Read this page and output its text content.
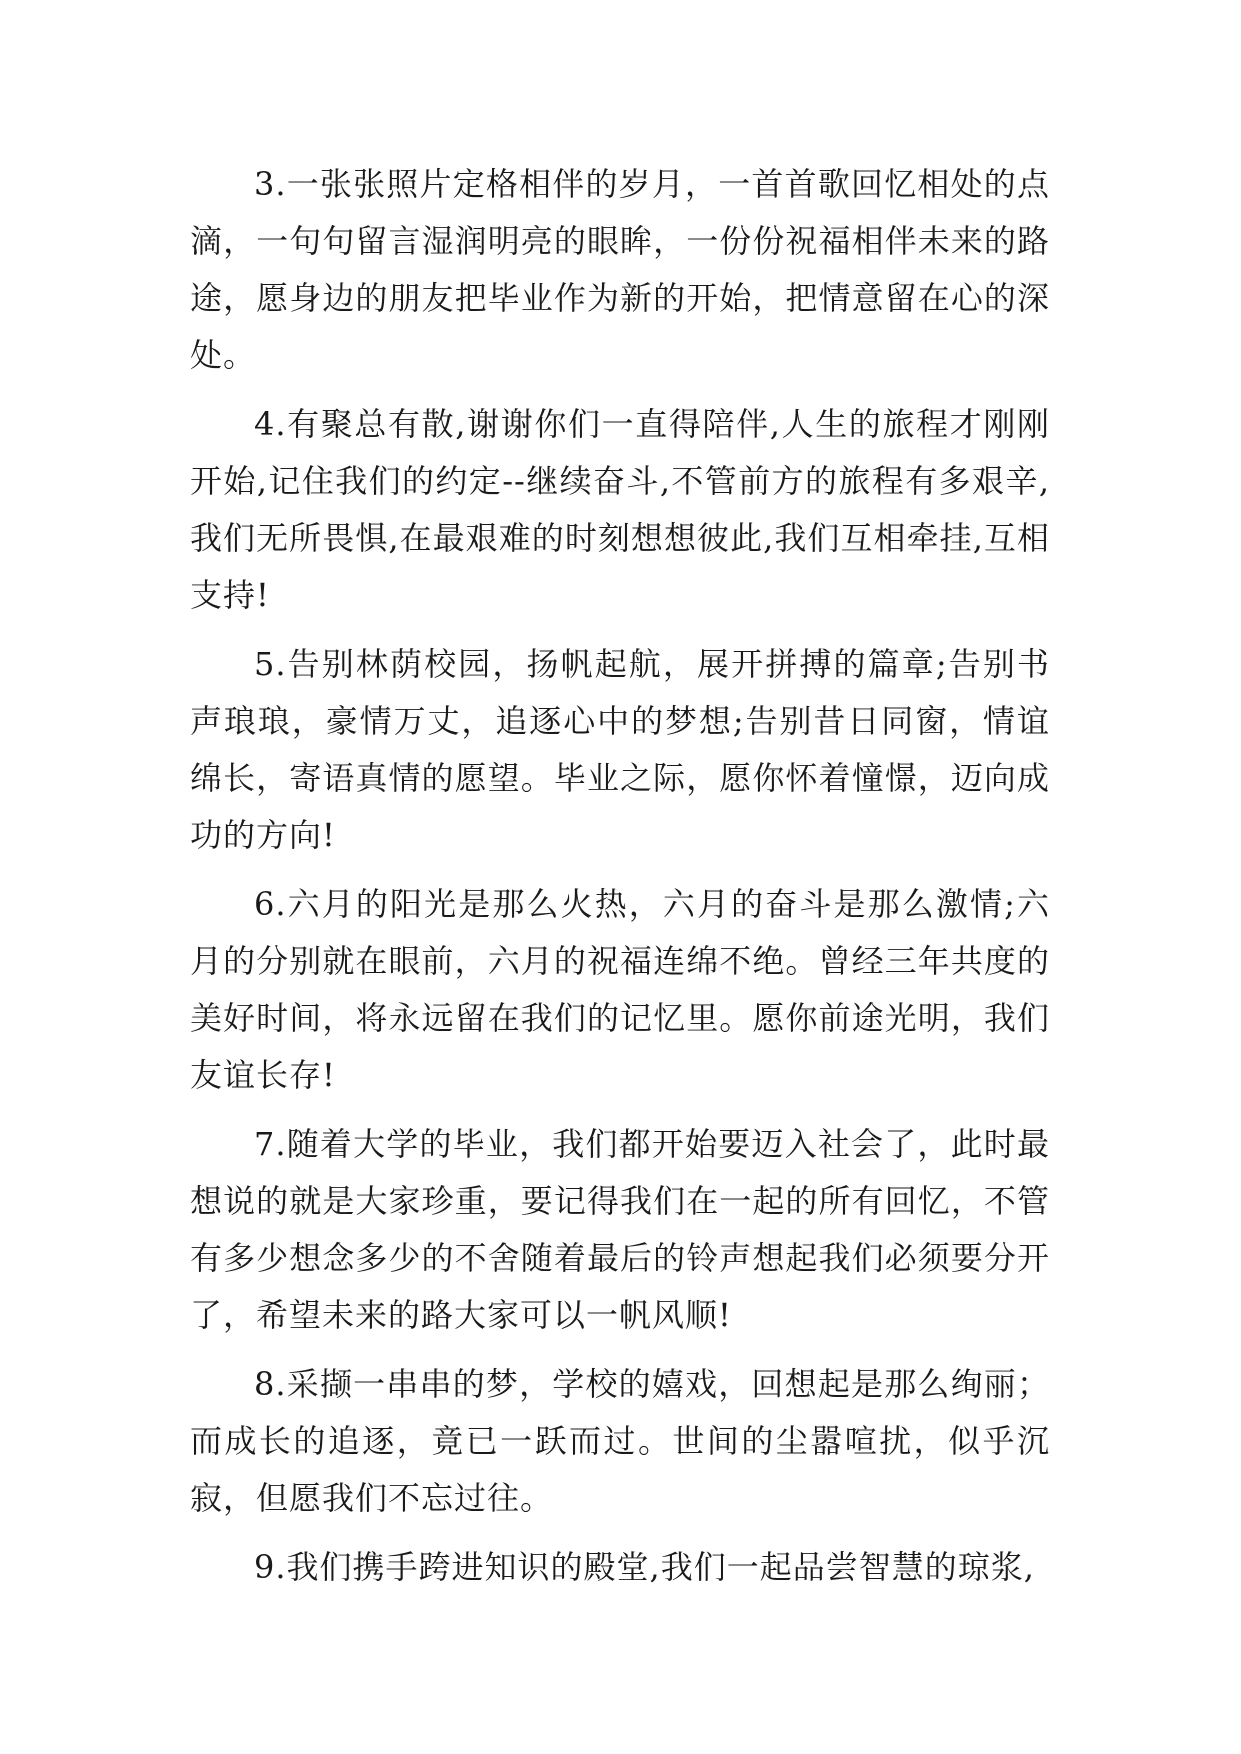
3.一张张照片定格相伴的岁月，一首首歌回忆相处的点滴，一句句留言湿润明亮的眼眸，一份份祝福相伴未来的路途，愿身边的朋友把毕业作为新的开始，把情意留在心的深处。

4.有聚总有散,谢谢你们一直得陪伴,人生的旅程才刚刚开始,记住我们的约定--继续奋斗,不管前方的旅程有多艰辛,我们无所畏惧,在最艰难的时刻想想彼此,我们互相牵挂,互相支持!

5.告别林荫校园，扬帆起航，展开拼搏的篇章;告别书声琅琅，豪情万丈，追逐心中的梦想;告别昔日同窗，情谊绵长，寄语真情的愿望。毕业之际，愿你怀着憧憬，迈向成功的方向!

6.六月的阳光是那么火热，六月的奋斗是那么激情;六月的分别就在眼前，六月的祝福连绵不绝。曾经三年共度的美好时间，将永远留在我们的记忆里。愿你前途光明，我们友谊长存!

7.随着大学的毕业，我们都开始要迈入社会了，此时最想说的就是大家珍重，要记得我们在一起的所有回忆，不管有多少想念多少的不舍随着最后的铃声想起我们必须要分开了，希望未来的路大家可以一帆风顺!

8.采撷一串串的梦，学校的嬉戏，回想起是那么绚丽；而成长的追逐，竟已一跃而过。世间的尘嚣喧扰，似乎沉寂，但愿我们不忘过往。

9.我们携手跨进知识的殿堂,我们一起品尝智慧的琼浆,
